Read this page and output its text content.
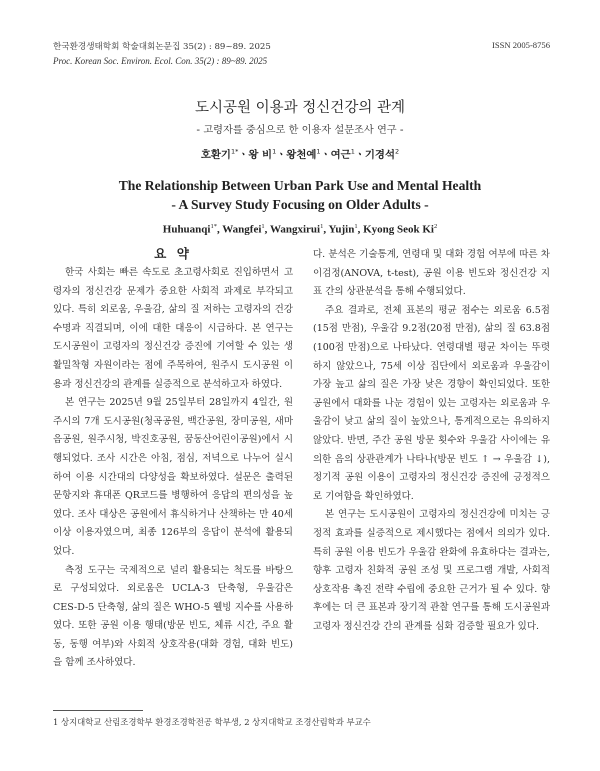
한국환경생태학회 학술대회논문집 35(2) : 89~89. 2025
Proc. Korean Soc. Environ. Ecol. Con. 35(2) : 89~89. 2025
ISSN 2005-8756
도시공원 이용과 정신건강의 관계
- 고령자를 중심으로 한 이용자 설문조사 연구 -
호환기$^{1*}$ㆍ왕 비$^1$ㆍ왕천예$^1$ㆍ여근$^1$ㆍ기경석$^2$
The Relationship Between Urban Park Use and Mental Health
- A Survey Study Focusing on Older Adults -
Huhuanqi$^{1*}$, Wangfei$^1$, Wangxirui$^1$, Yujin$^1$, Kyong Seok Ki$^2$
요 약

한국 사회는 빠른 속도로 초고령사회로 진입하면서 고령자의 정신건강 문제가 중요한 사회적 과제로 부각되고 있다. 특히 외로움, 우울감, 삶의 질 저하는 고령자의 건강 수명과 직결되며, 이에 대한 대응이 시급하다. 본 연구는 도시공원이 고령자의 정신건강 증진에 기여할 수 있는 생활밀착형 자원이라는 점에 주목하여, 원주시 도시공원 이용과 정신건강의 관계를 실증적으로 분석하고자 하였다.

본 연구는 2025년 9월 25일부터 28일까지 4일간, 원주시의 7개 도시공원(청곡공원, 백간공원, 장미공원, 새마음공원, 원주시청, 박진호공원, 꿈동산어린이공원)에서 시행되었다. 조사 시간은 아침, 점심, 저녁으로 나누어 실시하여 이용 시간대의 다양성을 확보하였다. 설문은 출력된 문항지와 휴대폰 QR코드를 병행하여 응답의 편의성을 높였다. 조사 대상은 공원에서 휴식하거나 산책하는 만 40세 이상 이용자였으며, 최종 126부의 응답이 분석에 활용되었다.

측정 도구는 국제적으로 널리 활용되는 척도를 바탕으로 구성되었다. 외로움은 UCLA-3 단축형, 우울감은 CES-D-5 단축형, 삶의 질은 WHO-5 웰빙 지수를 사용하였다. 또한 공원 이용 행태(방문 빈도, 체류 시간, 주요 활동, 동행 여부)와 사회적 상호작용(대화 경험, 대화 빈도)을 함께 조사하였다.

다. 분석은 기술통계, 연령대 및 대화 경험 여부에 따른 차이검정(ANOVA, t-test), 공원 이용 빈도와 정신건강 지표 간의 상관분석을 통해 수행되었다.

주요 결과로, 전체 표본의 평균 점수는 외로움 6.5점(15점 만점), 우울감 9.2점(20점 만점), 삶의 질 63.8점(100점 만점)으로 나타났다. 연령대별 평균 차이는 뚜렷하지 않았으나, 75세 이상 집단에서 외로움과 우울감이 가장 높고 삶의 질은 가장 낮은 경향이 확인되었다. 또한 공원에서 대화를 나눈 경험이 있는 고령자는 외로움과 우울감이 낮고 삶의 질이 높았으나, 통계적으로는 유의하지 않았다. 반면, 주간 공원 방문 횟수와 우울감 사이에는 유의한 음의 상관관계가 나타나(방문 빈도 ↑ → 우울감 ↓), 정기적 공원 이용이 고령자의 정신건강 증진에 긍정적으로 기여함을 확인하였다.

본 연구는 도시공원이 고령자의 정신건강에 미치는 긍정적 효과를 실증적으로 제시했다는 점에서 의의가 있다. 특히 공원 이용 빈도가 우울감 완화에 유효하다는 결과는, 향후 고령자 친화적 공원 조성 및 프로그램 개발, 사회적 상호작용 촉진 전략 수립에 중요한 근거가 될 수 있다. 향후에는 더 큰 표본과 장기적 관찰 연구를 통해 도시공원과 고령자 정신건강 간의 관계를 심화 검증할 필요가 있다.

1 상지대학교 산림조경학부 환경조경학전공 학부생, 2 상지대학교 조경산림학과 부교수
